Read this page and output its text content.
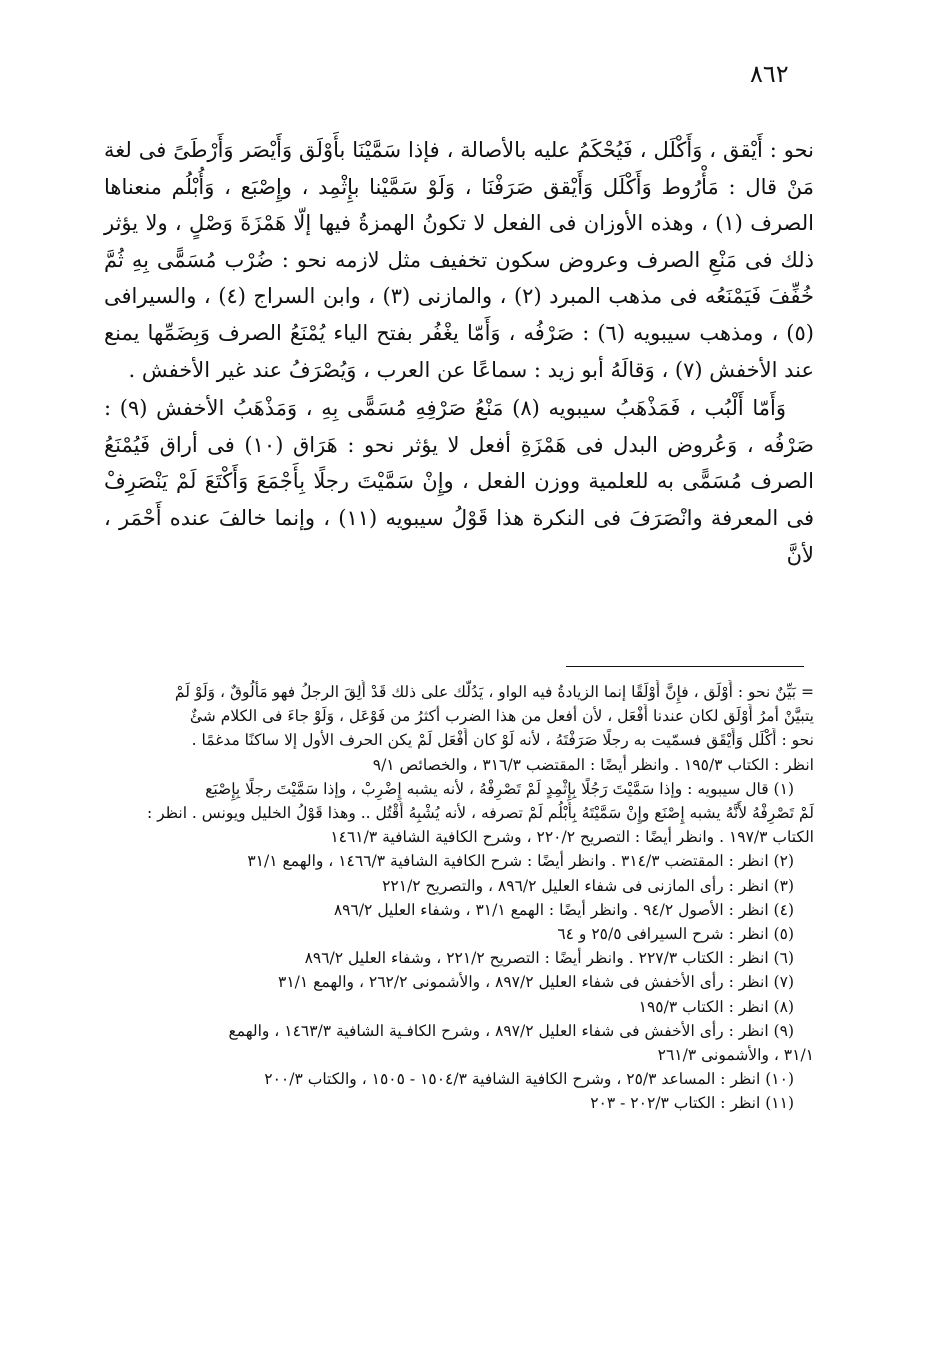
٨٦٢

نحو : أَيْقق ، وَأَكْلَل ، فَيُحْكَمُ عليه بالأصالة ، فإذا سَمَّيْنَا بأَوْلَق وَأَيْصَر وَأَرْطَىً فى لغة مَنْ قال : مَأْرُوط وَأَكْلَل وَأَيْقق صَرَفْنَا ، وَلَوْ سَمَّيْنا بإِثْمِد ، وإِصْبَع ، وَأُبْلُم منعناها الصرف (١) ، وهذه الأوزان فى الفعل لا تكونُ الهمزةُ فيها إلّا هَمْزَةَ وَصْلٍ ، ولا يؤثر ذلك فى مَنْعِ الصرف وعروض سكون تخفيف مثل لازمه نحو : ضُرْب مُسَمًّى بِهِ ثُمَّ خُفِّفَ فَيَمْنَعُه فى مذهب المبرد (٢) ، والمازنى (٣) ، وابن السراج (٤) ، والسيرافى (٥) ، ومذهب سيبويه (٦) : صَرْفُه ، وَأَمّا يغْفُر بفتح الياء يُمْنَعُ الصرف وَبِضَمِّها يمنع عند الأخفش (٧) ، وَقالَهُ أبو زيد : سماعًا عن العرب ، وَيُصْرَفُ عند غير الأخفش .

وَأَمّا أَلْبُب ، فَمَذْهَبُ سيبويه (٨) مَنْعُ صَرْفِهِ مُسَمًّى بِهِ ، وَمَذْهَبُ الأخفش (٩) : صَرْفُه ، وَعُروض البدل فى هَمْزَةِ أفعل لا يؤثر نحو : هَرَاق (١٠) فى أراق فَيُمْنَعُ الصرف مُسَمًّى به للعلمية ووزن الفعل ، وإِنْ سَمَّيْتَ رجلًا بِأَجْمَعَ وَأَكْتَعَ لَمْ يَنْصَرِفْ فى المعرفة وانْصَرَفَ فى النكرة هذا قَوْلُ سيبويه (١١) ، وإنما خالفَ عنده أَحْمَر ، لأنَّ

= بَيِّنٌ نحو : أَوْلَق ، فإِنَّ أَوْلَقًا إنما الزيادةُ فيه الواو ، يَدُلُّك على ذلك قَدْ أُلِقَ الرجلُ فهو مَأْلُوقٌ ، وَلَوْ لَمْ
يتبيَّنْ أمرُ أَوْلَق لكان عندنا أَفْعَل ، لأن أفعل من هذا الضرب أكثرُ من فَوْعَل ، وَلَوْ جاءَ فى الكلام شئٌ
نحو : أَكْلَل وَأَيْقَق فسمّيت به رجلًا صَرَفْتَهُ ، لأنه لَوْ كان أَفْعَل لَمْ يكن الحرف الأول إلا ساكنًا مدغمًا .
انظر : الكتاب ١٩٥/٣ . وانظر أيضًا : المقتضب ٣١٦/٣ ، والخصائص ٩/١
(١) قال سيبويه : وإذا سَمَّيْتَ رَجُلًا بِإِثْمِدٍ لَمْ تَصْرِفْهُ ، لأنه يشبه إِضْرِبْ ، وإذا سَمَّيْتَ رجلًا بِإِصْبَع
لَمْ تَصْرِفْهُ لأَنَّهُ يشبه إِصْنَع وإِنْ سَمَّيْتَهُ بِأُبْلُم لَمْ تصرفه ، لأنه يُشْبِهُ أُقْتُل .. وهذا قَوْلُ الخليل ويونس . انظر :
الكتاب ١٩٧/٣ . وانظر أيضًا : التصريح ٢٢٠/٢ ، وشرح الكافية الشافية ١٤٦١/٣
(٢) انظر : المقتضب ٣١٤/٣ . وانظر أيضًا : شرح الكافية الشافية ١٤٦٦/٣ ، والهمع ٣١/١
(٣) انظر : رأى المازنى فى شفاء العليل ٨٩٦/٢ ، والتصريح ٢٢١/٢
(٤) انظر : الأصول ٩٤/٢ . وانظر أيضًا : الهمع ٣١/١ ، وشفاء العليل ٨٩٦/٢
(٥) انظر : شرح السيرافى ٢٥/٥ و ٦٤
(٦) انظر : الكتاب ٢٢٧/٣ . وانظر أيضًا : التصريح ٢٢١/٢ ، وشفاء العليل ٨٩٦/٢
(٧) انظر : رأى الأخفش فى شفاء العليل ٨٩٧/٢ ، والأشمونى ٢٦٢/٢ ، والهمع ٣١/١
(٨) انظر : الكتاب ١٩٥/٣
(٩) انظر : رأى الأخفش فى شفاء العليل ٨٩٧/٢ ، وشرح الكافـية الشافية ١٤٦٣/٣ ، والهمع
٣١/١ ، والأشمونى ٢٦١/٣
(١٠) انظر : المساعد ٢٥/٣ ، وشرح الكافية الشافية ١٥٠٤/٣ - ١٥٠٥ ، والكتاب ٢٠٠/٣
(١١) انظر : الكتاب ٢٠٢/٣ - ٢٠٣
